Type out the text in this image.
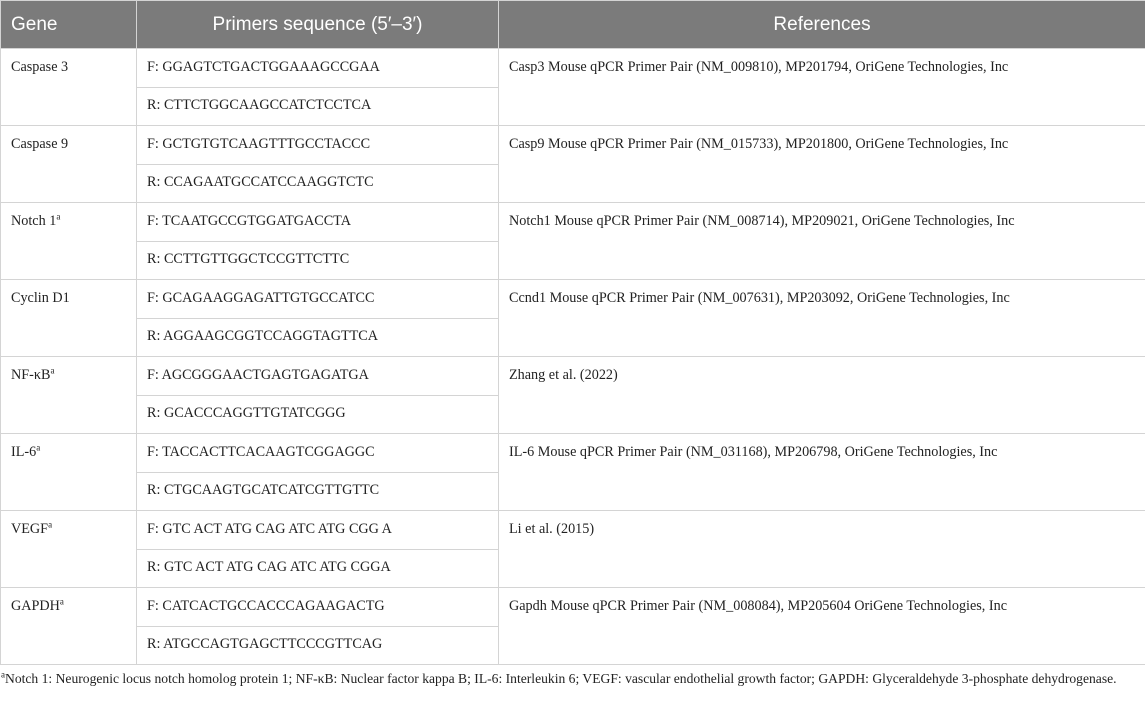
Gene	Primers sequence (5′–3′)	References
Caspase 3	F: GGAGTCTGACTGGAAAGCCGAA	Casp3 Mouse qPCR Primer Pair (NM_009810), MP201794, OriGene Technologies, Inc
	R: CTTCTGGCAAGCCATCTCCTCA	
Caspase 9	F: GCTGTGTCAAGTTTGCCTACCC	Casp9 Mouse qPCR Primer Pair (NM_015733), MP201800, OriGene Technologies, Inc
	R: CCAGAATGCCATCCAAGGTCTC	
Notch 1$^a$	F: TCAATGCCGTGGATGACCTA	Notch1 Mouse qPCR Primer Pair (NM_008714), MP209021, OriGene Technologies, Inc
	R: CCTTGTTGGCTCCGTTCTTC	
Cyclin D1	F: GCAGAAGGAGATTGTGCCATCC	Ccnd1 Mouse qPCR Primer Pair (NM_007631), MP203092, OriGene Technologies, Inc
	R: AGGAAGCGGTCCAGGTAGTTCA	
$NF-\kappa B^a$	F: AGCGGGAACTGAGTGAGATGA	Zhang et al. (2022)
	R: GCACCCAGGTTGTATCGGG	
IL-6$^a$	F: TACCACTTCACAAGTCGGAGGC	IL-6 Mouse qPCR Primer Pair (NM_031168), MP206798, OriGene Technologies, Inc
	R: CTGCAAGTGCATCATCGTTGTTC	
VEGF$^a$	F: GTC ACT ATG CAG ATC ATG CGG A	Li et al. (2015)
	R: GTC ACT ATG CAG ATC ATG CGGA	
GAPDH$^a$	F: CATCACTGCCACCCAGAAGACTG	Gapdh Mouse qPCR Primer Pair (NM_008084), MP205604 OriGene Technologies, Inc
	R: ATGCCAGTGAGCTTCCCGTTCAG	
$^a$Notch 1: Neurogenic locus notch homolog protein 1; NF-κB: Nuclear factor kappa B; IL-6: Interleukin 6; VEGF: vascular endothelial growth factor; GAPDH: Glyceraldehyde 3-phosphate dehydrogenase.
